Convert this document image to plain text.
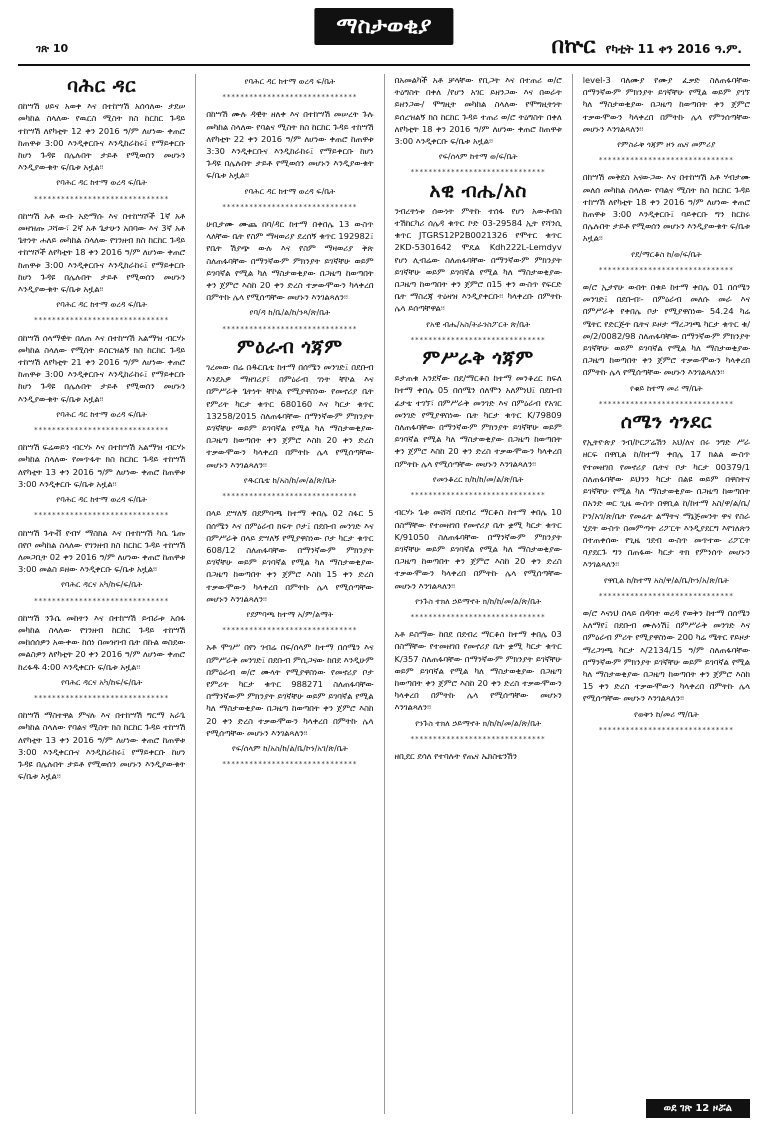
ገጽ 10
ማስታወቂያ
በኵር የካቲት 11 ቀን 2016 ዓ.ም.
ባሕር ዳር

በከሣሽ ሀይና አወቀ እና በተከሣሽ አሰሳለው ታደሠ መካከል ስላለው የዉርስ ሚስት ክስ ከርከር ጉዳይ ተከሣሽ ለየካቲት 12 ቀን 2016 ዓ/ም ለሆነው ቀጠሮ ከጠዋቱ 3:00 እንዲቀርቡና እንዲከራከሩ፤ የማይቀርቡ ከሆነ ጉዳዩ በሌሉበት ታይቶ የሚወሰን መሆኑን እንዲያውቁት ፍ/ቤቱ አዟል፡፡

የባሕር ዳር ከተማ ወረዳ ፍ/ቤት
******************************

በከሣሽ አቶ ውቡ አድማሱ እና በተከሣሾች 1ኛ አቶ መዛዝጡ ጋሻው፣ 2ኛ አቶ ጌታሁን አበባው እና 3ኛ አቶ ጌትነት ሐለይ መካከል ስላለው የገንዘብ ክስ ከርከር ጉዳይ ተከሣሾች ለየካቲት 18 ቀን 2016 ዓ/ም ለሆነው ቀጠሮ ከጠዋቱ 3:00 እንዲቀርቡና እንዲከራከሩ፤ የማይቀርቡ ከሆነ ጉዳዩ በሌሉበት ታይቶ የሚወሰን መሆኑን እንዲያውቁት ፍ/ቤቱ አዟል፡፡

የባሕር ዳር ከተማ ወረዳ ፍ/ቤት
******************************

በከሣሽ ሰላማዊት በለጠ እና በተከሣሽ አልማዝ ብርሃኑ መካከል ስላለው የሚስት ይስርዝልኝ ክስ ከርከር ጉዳይ ተከሣሽ ለየካቲት 21 ቀን 2016 ዓ/ም ለሆነው ቀጠሮ ከጠዋቱ 3:00 እንዲቀርቡና እንዲከራከሩ፤ የማይቀርቡ ከሆነ ጉዳዩ በሌሉበት ታይቶ የሚወሰን መሆኑን እንዲያውቁት ፍ/ቤቱ አዟል፡፡

የባሕር ዳር ከተማ ወረዳ ፍ/ቤት
******************************

በከሣሽ ፍሬወይን ብርሃኑ እና በተከሣሽ አልማዝ ብርሃኑ መካከል ስላለው የመጥፋት ክስ ከርከር ጉዳይ ተከሣሽ ለየካቲት 13 ቀን 2016 ዓ/ም ለሆነው ቀጠሮ ከጠዋቱ 3:00 እንዲቀርቡ ፍ/ቤቱ አዟል፡፡

የባሕር ዳር ከተማ ወረዳ ፍ/ቤት
******************************

በከሣሽ ጉትቭ የብሃ ማስክል እና በተከሣሽ ካሴ ጌጡ በየቦ መካከል ስላለው የገንዘብ ክስ ከርከር ጉዳይ ተከሣሽ ለመጋቢት 02 ቀን 2016 ዓ/ም ለሆነው ቀጠሮ ከጠዋቱ 3:00 መልስ ይዘው እንዲቀርቡ ፍ/ቤቱ አዟል፡፡

የባሕር ዳርና አካ/ከፍ/ፍ/ቤት
******************************

በከሣሽ ንጉሴ መከትን እና በተከሣሽ ይብራቱ አሰፋ መካከል ስላለው የገንዘብ ከርከር ጉዳይ ተከሣሽ መከሰሰዎን አውቀው ከሰነ በመዝገብ ቤት በኩል ወስደው መልስዎን ለየካቲት 20 ቀን 2016 ዓ/ም ለሆነው ቀጠሮ ከረፋዱ 4:00 እንዲቀርቡ ፍ/ቤቱ አዟል፡፡

የባሕር ዳርና አካ/ከፍ/ፍ/ቤት
******************************

በከሣሽ ማስተዋል ምናሉ እና በተከሣሽ ግርማ አራጌ መካከል ስላለው የባልና ሚስት ክስ ከርከር ጉዳይ ተከሣሽ ለየካቲት 13 ቀን 2016 ዓ/ም ለሆነው ቀጠሮ ከጠዋቱ 3:00 እንዲቀርቡና እንዲከራከሩ፤ የማይቀርቡ ከሆነ ጉዳዩ በሌሉበት ታይቶ የሚወሰን መሆኑን እንዲያውቁት ፍ/ቤቱ አዟል፡፡

የባሕር ዳር ከተማ ወረዳ ፍ/ቤት
******************************

በከሣሽ ሙሉ ዳዊት ዘለቀ እና በተከሣሽ መሠረት ጉሉ መካከል ስላለው የባልና ሚስት ክስ ከርከር ጉዳይ ተከሣሽ ለየካቲት 22 ቀን 2016 ዓ/ም ለሆነው ቀጠሮ ከጠዋቱ 3:30 እንዲቀርቡና እንዲከራከሩ፤ የማይቀርቡ ከሆነ ጉዳዩ በሌሉበት ታይቶ የሚወሰን መሆኑን እንዲያውቁት ፍ/ቤቱ አዟል፡፡

የባሕር ዳር ከተማ ወረዳ ፍ/ቤት
******************************

ሁቢታሙ ሙጨ በባ/ዳር ከተማ በቀበሌ 13 ውስጥ ላለቸው ቤት የስም ማዛወሪያ ደረሰኝ ቁጥር 192982፤ የቤት ሽያጭ ውሉ እና የስም ማዛወሪያ ቅጽ ስለጠፋባቸው በማንኛውም ምክንያት ይገኛቸሁ ወይም ይገባኛል የሚል ካለ ማስታወቂያው በጋዜጣ ከወጣበት ቀን ጀምሮ እስከ 20 ቀን ድረስ ተቃውሞውን ካላቀረበ በምትኩ ሌላ የሚሰጣቸው መሆኑን እንገልጻለን፡፡

የባ/ዳ ከ/ቤ/ል/ከ/ንጻ/ጽ/ቤት
******************************
ምዕራብ ጎጃም

ገረመው በሬ በዱርቤቴ ከተማ በሰሜን መንገድ፤ በደቡብ እንደአዎ ማዘገሪያ፣ በምዕራብ ገነት ቸኮል እና በምሥራቅ ጌትነት ቸኮል የሚያዋስነው የመኖሪያ ቤት የምሪት ካርታ ቁጥር 680160 እና ካርታ ቁጥር 13258/2015 ስለጠፋባቸው በማንኛውም ምክንያት ይገኛቸሁ ወይም ይገባኛል የሚል ካለ ማስታወቂያው በጋዜጣ ከወጣበት ቀን ጀምሮ እስከ 20 ቀን ድረስ ተቃውሞውን ካላቀረበ በምትኩ ሌላ የሚሰጣቸው መሆኑን እንገልጻለን፡፡

የዱርቤቴ ከ/አስ/ከ/መ/ል/ጽ/ቤት
******************************

በላይ ደሣለኝ በደምባጫ ከተማ ቀበሌ 02 ስፋር 5 በሰሜን እና በምዕራብ ክፍት ቦታ፤ በደቡብ መንገድ እና በምሥራቅ በላይ ደሣለኝ የሚያዋስነው ቦታ ካርታ ቁጥር 608/12 ስለጠፋባቸው በማንኛውም ምክንያት ይገኛቸሁ ወይም ይገባኛል የሚል ካለ ማስታወቂያው በጋዜጣ ከወጣበት ቀን ጀምሮ እስከ 15 ቀን ድረስ ተቃውሞውን ካላቀረበ በምትኩ ሌላ የሚሰጣቸው መሆኑን እንገልጻለን፡፡

የደምባጫ ከተማ አ/ም/ልማት
******************************

አቶ ሞገሥ በየነ ገብሬ በፍ/ሰላም ከተማ በሰሜን እና በምሥራቅ መንገድ፤ በደቡብ ምሲጋናው ከበደ እንዲሁም በምዕራብ ወ/ሮ ሙላት የሚያዋስነው የመኖሪያ ቦታ የምሪት ካርታ ቁጥር 988271 ስለጠፋባቸው በማንኛውም ምክንያት ይገኛቸሁ ወይም ይገባኛል የሚል ካለ ማስታወቂያው በጋዜጣ ከወጣበት ቀን ጀምሮ እስከ 20 ቀን ድረስ ተቃውሞውን ካላቀረበ በምትኩ ሌላ የሚሰጣቸው መሆኑን እንገልጻለን፡፡

የፍ/ሰላም ከ/አስ/ከ/ል/ቤ/ኮን/አገ/ጽ/ቤት
******************************

በአመልካች አቶ ቻላቸው የቢጋት እና በተጠሪ ወ/ሮ ትዕግስት በቀለ /የሆን አገር ይዘንጋው እና በወራት ይዘንጋው/ ሞግዚት መካከል ስላለው የሞግዚትነት ይሰረዝልኝ ክስ ከርከር ጉዳይ ተጠሪ ወ/ሮ ትዕግስት በቀለ ለየካቲት 18 ቀን 2016 ዓ/ም ለሆነው ቀጠሮ ከጠዋቱ 3:00 እንዲቀርቡ ፍ/ቤቱ አዟል፡፡

የፍ/ሰላም ከተማ ወ/ፍ/ቤት
******************************
አዊ ብሔ/አስ

ንብረትነቱ ሰውነት ምትኩ ተሰፋ የሆነ አውቶብስ ተሽከርካሪ ሰሌዳ ቁጥር ኮድ 03-29584 ኢት የሻንሲ ቁጥር JTGRS12P2B0021326 የሞተር ቁጥር 2KD-5301642 ሞዴል Kdh222L-Lemdyv የሆነ ሊብሬው ስለጠፋባቸው በማንኛውም ምክንያት ይገኛቸሁ ወይም ይገባኛል የሚል ካለ ማስታወቂያው በጋዜጣ ከወጣበት ቀን ጀምሮ በ15 ቀን ውስጥ የፍርድ ቤት ማስረጃ ትዕዛዝ እንዲያቀርቡ፡፡ ካላቀረቡ በምትኩ ሌላ ይሰጣቸዋል፡፡

የአዊ ብሔ/አስ/ትራንስፖርት ጽ/ቤት
******************************
ምሥራቅ ጎጃም

ይታጠቁ አንደኛው በደ/ማርቆስ ከተማ መንቆረር ክፍለ ከተማ ቀበሌ 05 በሰሜን ሰለሞን አለምነህ፤ በደቡብ ፊታቴ ተገኘ፣ በምሥራቅ መንገድ እና በምዕራብ የአገር መንገድ የሚያዋስነው ቤት ካርታ ቁጥር K/79809 ስለጠፋባቸው በማንኛውም ምክንያት ይገኛቸሁ ወይም ይገባኛል የሚል ካለ ማስታወቂያው በጋዜጣ ከወጣበት ቀን ጀምሮ እስከ 20 ቀን ድረስ ተቃውሞውን ካላቀረበ በምትኩ ሌላ የሚሰጣቸው መሆኑን እንገልጻለን፡፡

የመንቆረር ክ/ከ/ከ/መ/ል/ጽ/ቤት
******************************

ብርሃኑ ጌቱ መሸሻ በደብረ ማርቆስ ከተማ ቀበሌ 10 በስማቸው የተመዘገበ የመኖሪያ ቤት ቋሚ ካርታ ቁጥር K/91050 ስለጠፋባቸው በማንኛውም ምክንያት ይገኛቸሁ ወይም ይገባኛል የሚል ካለ ማስታወቂያው በጋዜጣ ከወጣበት ቀን ጀምሮ እስከ 20 ቀን ድረስ ተቃውሞውን ካላቀረበ በምትኩ ሌላ የሚሰጣቸው መሆኑን እንገልጻለን፡፡

የንጉስ ተክለ ኃይማኖት ክ/ከ/ከ/መ/ል/ጽ/ቤት
******************************

አቶ ይስማው ከበደ በደብረ ማርቆስ ከተማ ቀበሌ 03 በስማቸው የተመዘገበ የመኖሪያ ቤት ቋሚ ካርታ ቁጥር K/357 ስለጠፋባቸው በማንኛውም ምክንያት ይገኛቸሁ ወይም ይገባኛል የሚል ካለ ማስታወቂያው በጋዜጣ ከወጣበት ቀን ጀምሮ እስከ 20 ቀን ድረስ ተቃውሞውን ካላቀረበ በምትኩ ሌላ የሚሰጣቸው መሆኑን እንገልጻለን፡፡

የንጉስ ተክለ ኃይማኖት ክ/ከ/ከ/መ/ል/ጽ/ቤት
******************************

ዘቢደር ደሳለ የተባሉት የጤና ኤክስቴንሽን

level-3 ባለሙያ የሙያ ፈቃድ ስለጠፋባቸው በማንኛውም ምክንያት ይገኛቸሁ የሚል ወይም ያገኘ ካለ ማስታወቂያው በጋዜጣ ከወጣበት ቀን ጀምሮ ተቃውሞውን ካላቀረበ በምትኩ ሌላ የምንሰጣቸው መሆኑን እንገልጻለን፡፡

የምስራቅ ጎጃም ዞን ጤና መምሪያ
******************************

በከሣሽ መቅደስ አናውጋው እና በተከሣሽ አቶ ሃብታሙ መለሰ መካከል ስላለው የባልና ሚስት ክስ ከርከር ጉዳይ ተከሣሽ ለየካቲት 18 ቀን 2016 ዓ/ም ለሆነው ቀጠሮ ከጠዋቱ 3:00 እንዲቀርቡ፤ ባይቀርቡ ግን ከርከሩ በሌሉበት ታይቶ የሚወሰን መሆኑን እንዲያውቁት ፍ/ቤቱ አዟል፡፡

የደ/ማርቆስ ከ/ወ/ፍ/ቤት
******************************

ወ/ሮ ኢታየሁ ውበት በቁይ ከተማ ቀበሌ 01 በሰሜን መንገድ፤ በደቡብ፡- በምዕራብ መለሱ መራ እና በምሥራቅ የቀበሌ ቦታ የሚያዋስነው 54.24 ካሬ ሜትር የድርጅት ቤትና ይዞታ ማረጋገጫ ካርታ ቁጥር ቁ/መ/2/0082/98 ስለጠፋባቸው በማንኛውም ምክንያት ይገኛቸሁ ወይም ይገባኛል የሚል ካለ ማስታወቂያው በጋዜጣ ከወጣበት ቀን ጀምሮ ተቃውሞውን ካላቀረበ በምትኩ ሌላ የሚሰጣቸው መሆኑን እንገልጻለን፡፡

የቁይ ከተማ መሪ ማ/ቤት
******************************
ሰሜን ጎንደር

የኢትዮጵያ ንብ/ኮርፖሬሽን አህ/ለና በሩ ንግድ ሥራ ዘርፍ በዋቢል ከ/ከተማ ቀበሌ 17 ክልል ውስጥ የተመዘገበ የመኖሪያ ቤትና ቦታ ካርታ 00379/1 ስለጠፋባቸው ይህንን ካርታ በልዩ ወይም በዋስትና ይገኛቸሁ የሚል ካለ ማስታወቂያው በጋዜጣ ከወጣበት በአንድ ወር ጊዜ ውስጥ በዋቢል ከ/ከተማ አስ/ዋ/ል/ቤ/ኮን/አገ/ጽ/ቤት የመሬት ልማትና ማኔጅመንት ዋና የስራ ሂደት ውስጥ በመምጣት ሪፖርት እንዲያደርግ እየገለጽን በተጠቀሰው የጊዜ ገደብ ውስጥ መጥተው ሪፖርት ባያደርጉ ግን በጠፋው ካርታ ትክ የምንሰጥ መሆኑን እንገልጻለን፡፡

የዋቢል ከ/ከተማ አስ/ዋ/ል/ቤ/ኮን/አ/ጽ/ቤት
******************************

ወ/ሮ እናነህ በላይ በዳባት ወረዳ የወቅን ከተማ በሰሜን አለማየ፤ በደቡብ ሙሉነሽ፤ በምሥራቅ መንገድ እና በምዕራብ ምሪት የሚያዋስነው 200 ካሬ ሜትር የይዞታ ማረጋገጫ ካርታ እ/2134/15 ዓ/ም ስለጠፋባቸው በማንኛውም ምክንያት ይገኛቸሁ ወይም ይገባኛል የሚል ካለ ማስታወቂያው በጋዜጣ ከወጣበት ቀን ጀምሮ እስከ 15 ቀን ድረስ ተቃውሞውን ካላቀረበ በምትኩ ሌላ የሚሰጣቸው መሆኑን እንገልጻለን፡፡

የወቅን ከ/መሪ ማ/ቤት
******************************
ወደ ገጽ 12 ዞሯል
